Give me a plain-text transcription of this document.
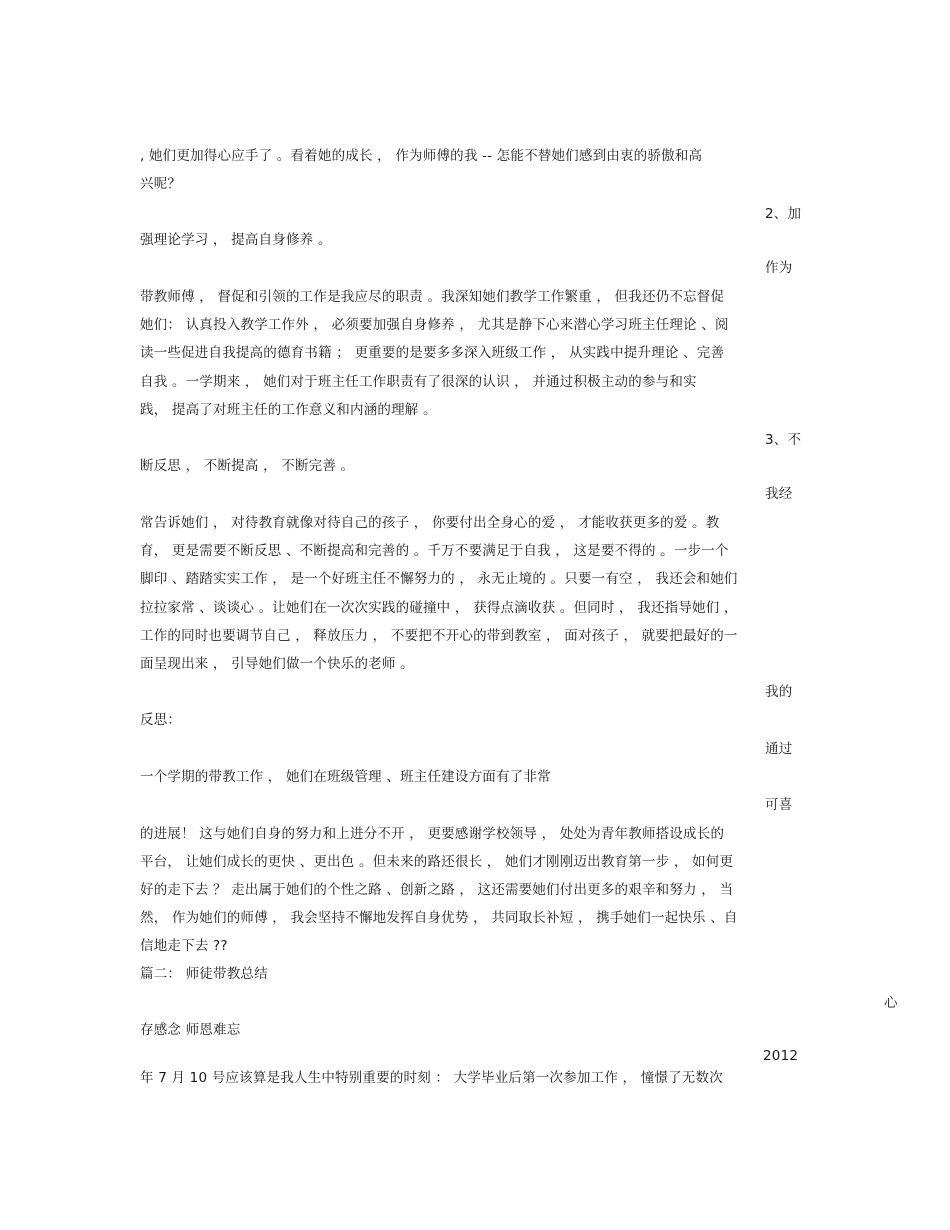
, 她们更加得心应手了 。看着她的成长 ， 作为师傅的我 -- 怎能不替她们感到由衷的骄傲和高
兴呢？
2、加
强理论学习 ， 提高自身修养 。
作为
带教师傅 ， 督促和引领的工作是我应尽的职责 。我深知她们教学工作繁重 ， 但我还仍不忘督促
她们： 认真投入教学工作外 ， 必须要加强自身修养 ， 尤其是静下心来潜心学习班主任理论 、阅
读一些促进自我提高的德育书籍 ； 更重要的是要多多深入班级工作 ， 从实践中提升理论 、完善
自我 。一学期来 ， 她们对于班主任工作职责有了很深的认识 ， 并通过积极主动的参与和实
践， 提高了对班主任的工作意义和内涵的理解 。
3、不
断反思 ， 不断提高 ， 不断完善 。
我经
常告诉她们 ， 对待教育就像对待自己的孩子 ， 你要付出全身心的爱 ， 才能收获更多的爱 。教
育， 更是需要不断反思 、不断提高和完善的 。千万不要满足于自我 ， 这是要不得的 。一步一个
脚印 、踏踏实实工作 ， 是一个好班主任不懈努力的 ， 永无止境的 。只要一有空 ， 我还会和她们
拉拉家常 、谈谈心 。让她们在一次次实践的碰撞中 ， 获得点滴收获 。但同时 ， 我还指导她们 ，
工作的同时也要调节自己 ， 释放压力 ， 不要把不开心的带到教室 ， 面对孩子 ， 就要把最好的一
面呈现出来 ， 引导她们做一个快乐的老师 。
我的
反思：
通过
一个学期的带教工作 ， 她们在班级管理 、班主任建设方面有了非常
可喜
的进展！ 这与她们自身的努力和上进分不开 ， 更要感谢学校领导 ， 处处为青年教师搭设成长的
平台， 让她们成长的更快 、更出色 。但未来的路还很长 ， 她们才刚刚迈出教育第一步 ， 如何更
好的走下去 ？ 走出属于她们的个性之路 、创新之路 ， 这还需要她们付出更多的艰辛和努力 ， 当
然， 作为她们的师傅 ， 我会坚持不懈地发挥自身优势 ， 共同取长补短 ， 携手她们一起快乐 、自
信地走下去 ??
篇二： 师徒带教总结
心
存感念 师恩难忘
2012
年 7 月 10 号应该算是我人生中特别重要的时刻 ： 大学毕业后第一次参加工作 ， 憧憬了无数次
